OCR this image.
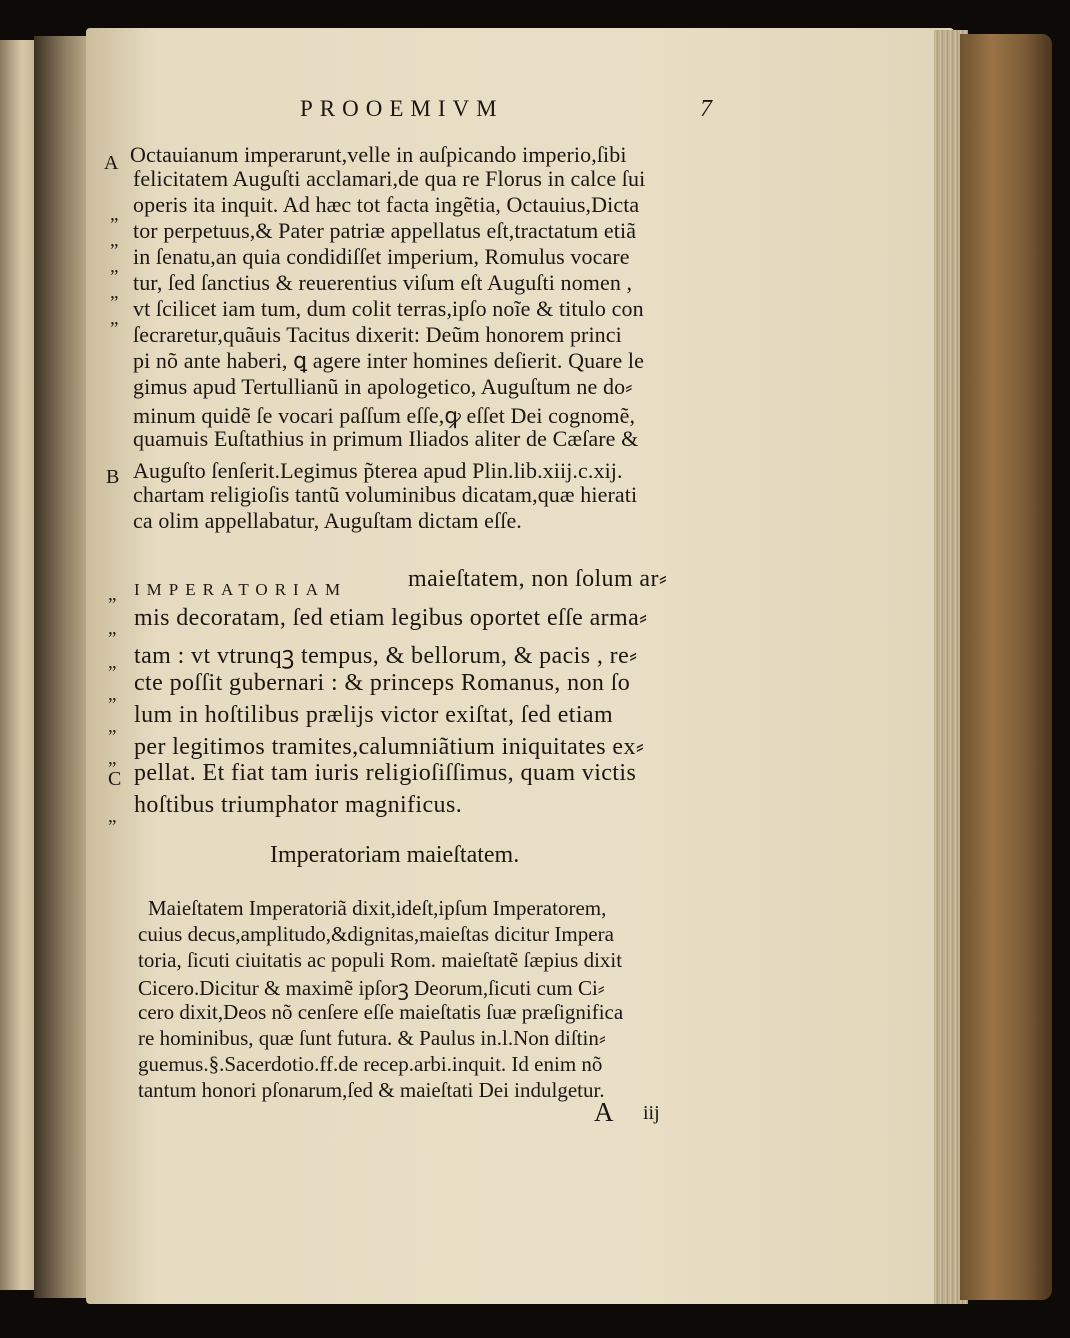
PROOEMIVM	7
A Octauianum imperarunt,velle in auſpicando imperio,ſibi
felicitatem Auguſti acclamari,de qua re Florus in calce ſui
„ operis ita inquit. Ad hæc tot facta ingẽtia, Octauius,Dicta
„ tor perpetuus,& Pater patriæ appellatus eſt,tractatum etiã
„ in ſenatu,an quia condidiſſet imperium, Romulus vocare
„ tur, ſed ſanctius & reuerentius viſum eſt Auguſti nomen ,
„ vt ſcilicet iam tum, dum colit terras,ipſo noĩe & titulo con
ſecraretur,quãuis Tacitus dixerit: Deũm honorem princi
pi nõ ante haberi, ꝗ agere inter homines deſierit. Quare le
gimus apud Tertullianũ in apologetico, Auguſtum ne do⸗
minum quidẽ ſe vocari paſſum eſſe,ꝙ eſſet Dei cognomẽ,
quamuis Euſtathius in primum Iliados aliter de Cæſare &
B Auguſto ſenſerit.Legimus p̃terea apud Plin.lib.xiij.c.xij.
chartam religioſis tantũ voluminibus dicatam,quæ hierati
ca olim appellabatur, Auguſtam dictam eſſe.
„ IMPERATORIAM	maieſtatem, non ſolum ar⸗
„ mis decoratam, ſed etiam legibus oportet eſſe arma⸗
„ tam : vt vtrunqꝫ tempus, & bellorum, & pacis , re⸗
„ cte poſſit gubernari : & princeps Romanus, non ſo
„ lum in hoſtilibus prælijs victor exiſtat, ſed etiam
„ per legitimos tramites,calumniãtium iniquitates ex⸗
C pellat. Et fiat tam iuris religioſiſſimus, quam victis
„ hoſtibus triumphator magnificus.
Imperatoriam maieſtatem.
Maieſtatem Imperatoriã dixit,ideſt,ipſum Imperatorem,
cuius decus,amplitudo,&dignitas,maieſtas dicitur Impera
toria, ſicuti ciuitatis ac populi Rom. maieſtatẽ ſæpius dixit
Cicero.Dicitur & maximẽ ipſorꝫ Deorum,ſicuti cum Ci⸗
cero dixit,Deos nõ cenſere eſſe maieſtatis ſuæ præſignifica
re hominibus, quæ ſunt futura. & Paulus in.l.Non diſtin⸗
guemus.§.Sacerdotio.ff.de recep.arbi.inquit. Id enim nõ
tantum honori pſonarum,ſed & maieſtati Dei indulgetur.
A iij
